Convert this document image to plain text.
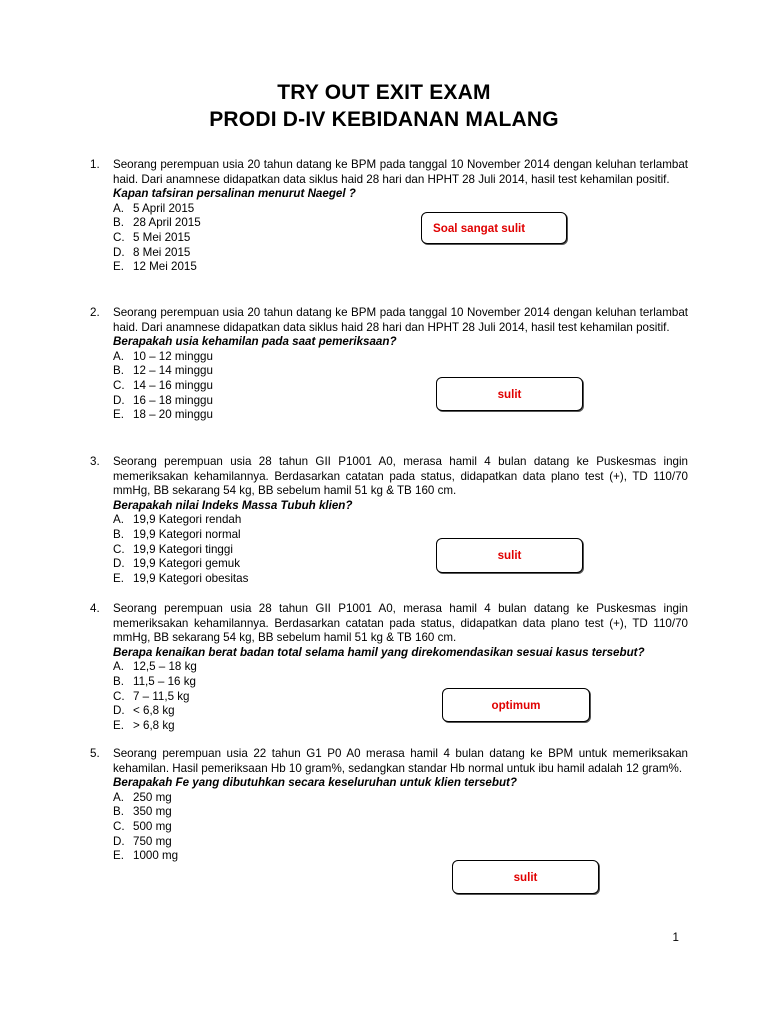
TRY OUT EXIT EXAM
PRODI D-IV KEBIDANAN MALANG
1. Seorang perempuan usia 20 tahun datang ke BPM pada tanggal 10 November 2014 dengan keluhan terlambat haid. Dari anamnese didapatkan data siklus haid 28 hari dan HPHT 28 Juli 2014, hasil test kehamilan positif.
Kapan tafsiran persalinan menurut Naegel ?
A. 5 April 2015
B. 28 April 2015
C. 5 Mei 2015
D. 8 Mei 2015
E. 12 Mei 2015
Soal sangat sulit
2. Seorang perempuan usia 20 tahun datang ke BPM pada tanggal 10 November 2014 dengan keluhan terlambat haid. Dari anamnese didapatkan data siklus haid 28 hari dan HPHT 28 Juli 2014, hasil test kehamilan positif.
Berapakah usia kehamilan pada saat pemeriksaan?
A. 10 – 12 minggu
B. 12 – 14 minggu
C. 14 – 16 minggu
D. 16 – 18 minggu
E. 18 – 20 minggu
sulit
3. Seorang perempuan usia 28 tahun GII P1001 A0, merasa hamil 4 bulan datang ke Puskesmas ingin memeriksakan kehamilannya. Berdasarkan catatan pada status, didapatkan data plano test (+), TD 110/70 mmHg, BB sekarang 54 kg, BB sebelum hamil 51 kg & TB 160 cm.
Berapakah nilai Indeks Massa Tubuh klien?
A. 19,9 Kategori rendah
B. 19,9 Kategori normal
C. 19,9 Kategori tinggi
D. 19,9 Kategori gemuk
E. 19,9 Kategori obesitas
sulit
4. Seorang perempuan usia 28 tahun GII P1001 A0, merasa hamil 4 bulan datang ke Puskesmas ingin memeriksakan kehamilannya. Berdasarkan catatan pada status, didapatkan data plano test (+), TD 110/70 mmHg, BB sekarang 54 kg, BB sebelum hamil 51 kg & TB 160 cm.
Berapa kenaikan berat badan total selama hamil yang direkomendasikan sesuai kasus tersebut?
A. 12,5 – 18 kg
B. 11,5 – 16 kg
C. 7 – 11,5 kg
D. < 6,8 kg
E. > 6,8 kg
optimum
5. Seorang perempuan usia 22 tahun G1 P0 A0 merasa hamil 4 bulan datang ke BPM untuk memeriksakan kehamilan. Hasil pemeriksaan Hb 10 gram%, sedangkan standar Hb normal untuk ibu hamil adalah 12 gram%.
Berapakah Fe yang dibutuhkan secara keseluruhan untuk klien tersebut?
A. 250 mg
B. 350 mg
C. 500 mg
D. 750 mg
E. 1000 mg
sulit
1
